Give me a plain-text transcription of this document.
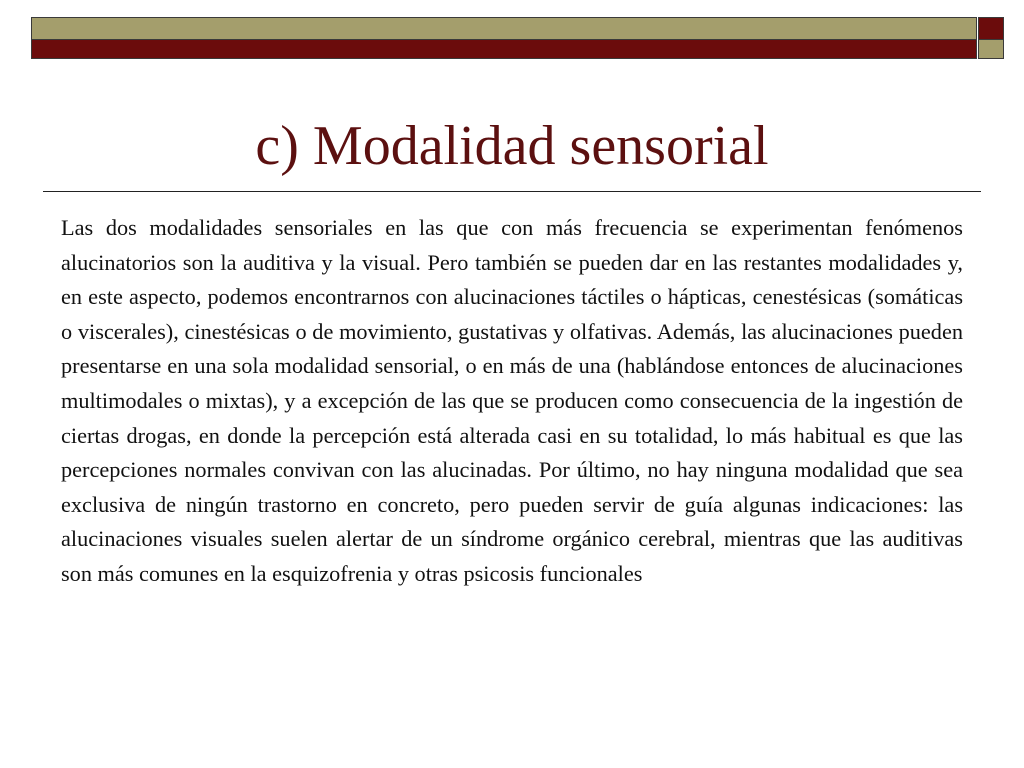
c) Modalidad sensorial

Las dos modalidades sensoriales en las que con más frecuencia se experimentan fenómenos alucinatorios son la auditiva y la visual. Pero también se pueden dar en las restantes modalidades y, en este aspecto, podemos encontrarnos con alucinaciones táctiles o hápticas, cenestésicas (somáticas o viscerales), cinestésicas o de movimiento, gustativas y olfativas. Además, las alucinaciones pueden presentarse en una sola modalidad sensorial, o en más de una (hablándose entonces de alucinaciones multimodales o mixtas), y a excepción de las que se producen como consecuencia de la ingestión de ciertas drogas, en donde la percepción está alterada casi en su totalidad, lo más habitual es que las percepciones normales convivan con las alucinadas. Por último, no hay ninguna modalidad que sea exclusiva de ningún trastorno en concreto, pero pueden servir de guía algunas indicaciones: las alucinaciones visuales suelen alertar de un síndrome orgánico cerebral, mientras que las auditivas son más comunes en la esquizofrenia y otras psicosis funcionales
